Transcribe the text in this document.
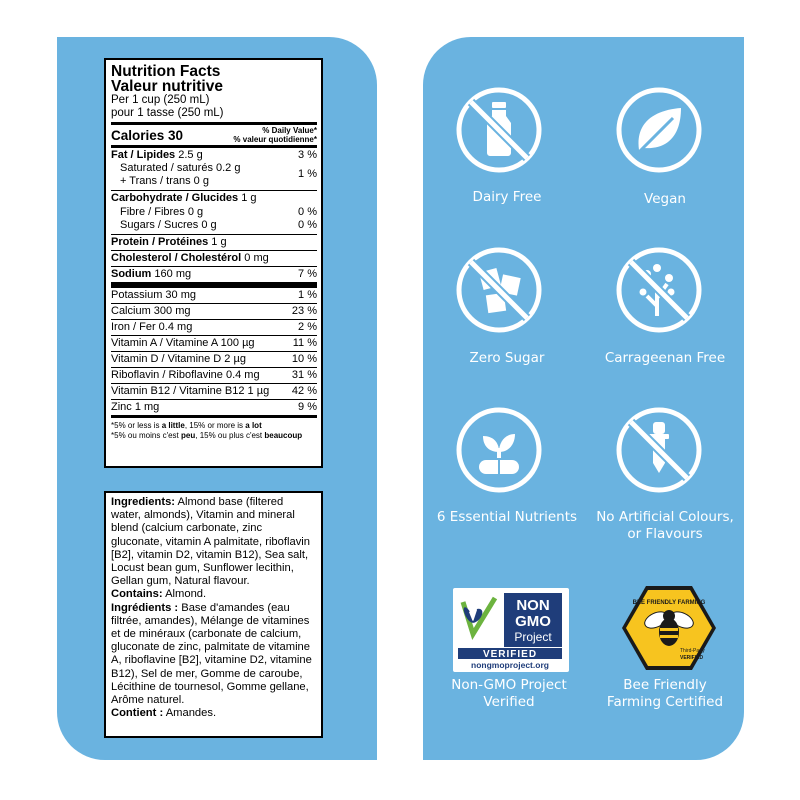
Nutrition Facts
Valeur nutritive
Per 1 cup (250 mL)
pour 1 tasse (250 mL)
Calories 30	% Daily Value*
% valeur quotidienne*
Fat / Lipides 2.5 g	3 %
Saturated / saturés 0.2 g
+ Trans / trans 0 g
1 %
Carbohydrate / Glucides 1 g
Fibre / Fibres 0 g	0 %
Sugars / Sucres 0 g	0 %
Protein / Protéines 1 g
Cholesterol / Cholestérol 0 mg
Sodium 160 mg	7 %
Potassium 30 mg	1 %
Calcium 300 mg	23 %
Iron / Fer 0.4 mg	2 %
Vitamin A / Vitamine A 100 µg	11 %
Vitamin D / Vitamine D 2 µg	10 %
Riboflavin / Riboflavine 0.4 mg	31 %
Vitamin B12 / Vitamine B12 1 µg 42 %
Zinc 1 mg	9 %
*5% or less is a little, 15% or more is a lot
*5% ou moins c'est peu, 15% ou plus c'est beaucoup

Ingredients: Almond base (filtered water, almonds), Vitamin and mineral blend (calcium carbonate, zinc gluconate, vitamin A palmitate, riboflavin [B2], vitamin D2, vitamin B12), Sea salt, Locust bean gum, Sunflower lecithin, Gellan gum, Natural flavour.

Contains: Almond.

Ingrédients : Base d'amandes (eau filtrée, amandes), Mélange de vitamines et de minéraux (carbonate de calcium, gluconate de zinc, palmitate de vitamine A, riboflavine [B2], vitamine D2, vitamine B12), Sel de mer, Gomme de caroube, Lécithine de tournesol, Gomme gellane, Arôme naturel.

Contient : Amandes.

Dairy Free	Vegan
Zero Sugar	Carrageenan Free
6 Essential Nutrients	No Artificial Colours, or Flavours
NON
GMO
Project
VERIFIED
nongmoproject.org
Non-GMO Project
Verified
BEE FRIENDLY FARMING
Third-Party
VERIFIED
Bee Friendly
Farming Certified
